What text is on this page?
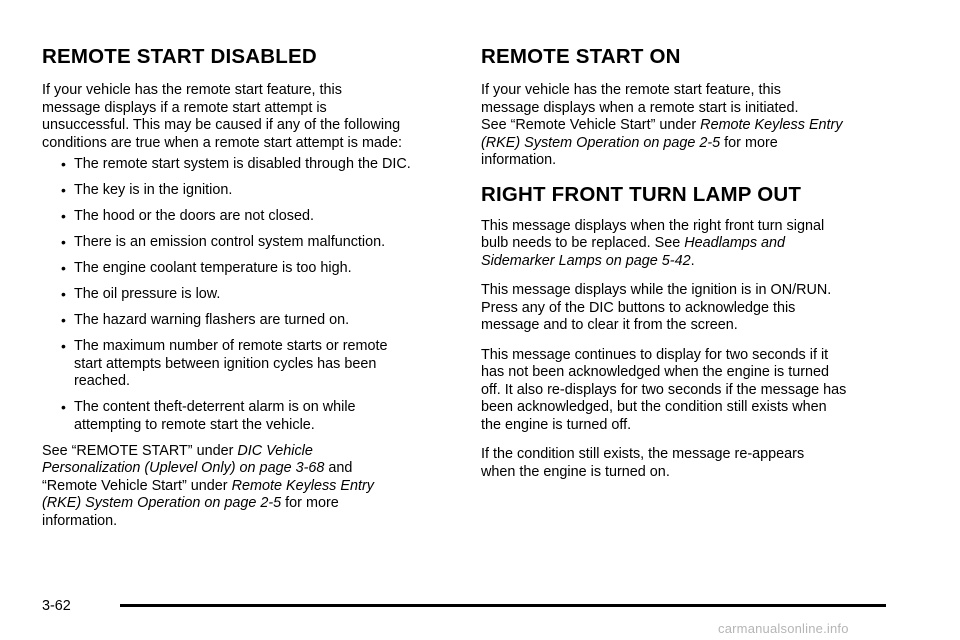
REMOTE START DISABLED

If your vehicle has the remote start feature, this
message displays if a remote start attempt is
unsuccessful. This may be caused if any of the following
conditions are true when a remote start attempt is made:

• The remote start system is disabled through the DIC.
• The key is in the ignition.
• The hood or the doors are not closed.
• There is an emission control system malfunction.
• The engine coolant temperature is too high.
• The oil pressure is low.
• The hazard warning flashers are turned on.
• The maximum number of remote starts or remote
start attempts between ignition cycles has been
reached.
• The content theft-deterrent alarm is on while
attempting to remote start the vehicle.

See “REMOTE START” under DIC Vehicle
Personalization (Uplevel Only) on page 3-68 and
“Remote Vehicle Start” under Remote Keyless Entry
(RKE) System Operation on page 2-5 for more
information.

REMOTE START ON

If your vehicle has the remote start feature, this
message displays when a remote start is initiated.
See “Remote Vehicle Start” under Remote Keyless Entry
(RKE) System Operation on page 2-5 for more
information.

RIGHT FRONT TURN LAMP OUT

This message displays when the right front turn signal
bulb needs to be replaced. See Headlamps and
Sidemarker Lamps on page 5-42.

This message displays while the ignition is in ON/RUN.
Press any of the DIC buttons to acknowledge this
message and to clear it from the screen.

This message continues to display for two seconds if it
has not been acknowledged when the engine is turned
off. It also re-displays for two seconds if the message has
been acknowledged, but the condition still exists when
the engine is turned off.

If the condition still exists, the message re-appears
when the engine is turned on.

3-62
carmanualsonline.info
